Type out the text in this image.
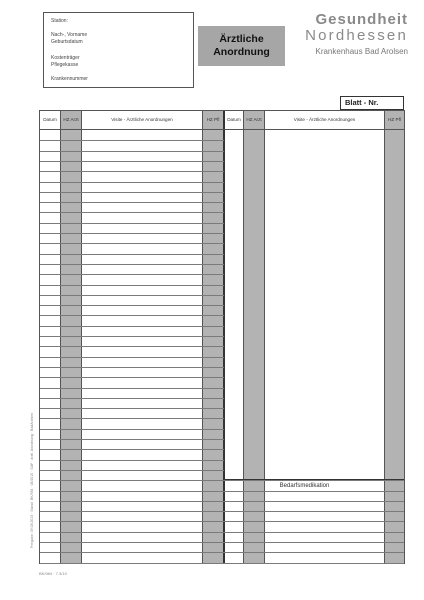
Station:
Nach-, Vorname
Geburtsdatum
Kostenträger
Pflegekasse
Krankennummer
Ärztliche
Anordnung
Gesundheit
Nordhessen
Krankenhaus Bad Arolsen
Blatt - Nr.
Datum	HZ Arzt	Visite - Ärztliche Anordnungen	HZ Pfl	Datum	HZ Arzt	Visite - Ärztliche Anordnungen	HZ Pfl
Bedarfsmedikation
BK/984 · 08/2015 · SAP · ärztl. Anordnung · BadArolsen
Freigabe: 09.08.2015 · Stand
BK/984 · 7.3/10
